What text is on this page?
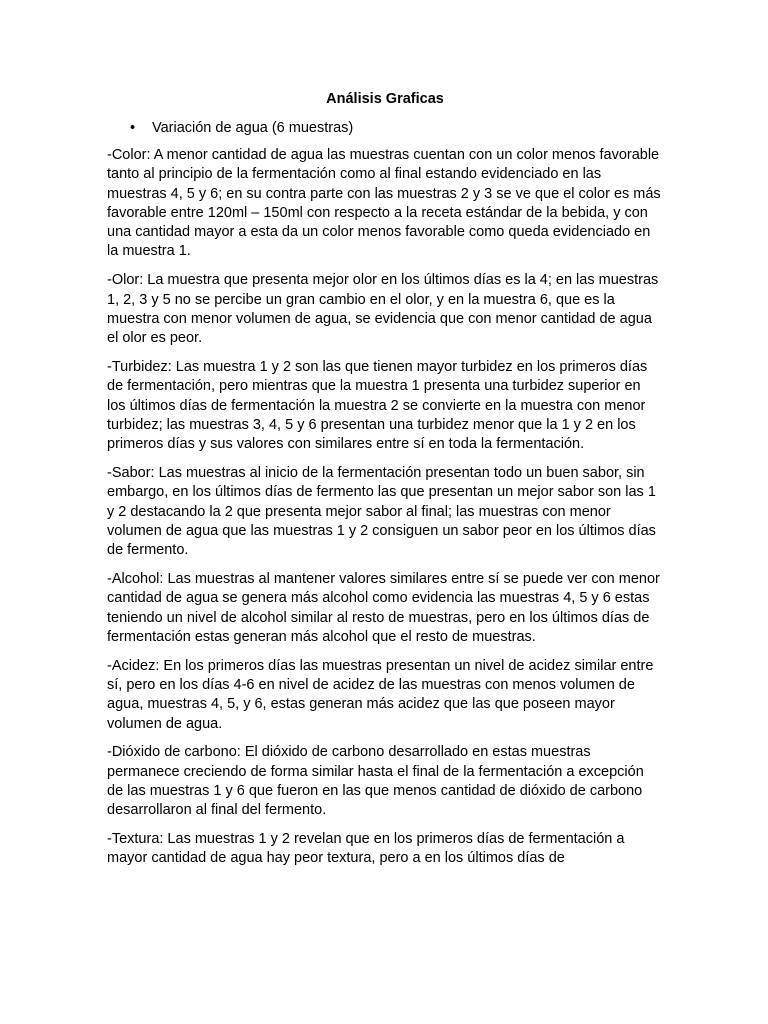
Análisis Graficas
•	Variación de agua (6 muestras)

-Color: A menor cantidad de agua las muestras cuentan con un color menos favorable tanto al principio de la fermentación como al final estando evidenciado en las muestras 4, 5 y 6; en su contra parte con las muestras 2 y 3 se ve que el color es más favorable entre 120ml – 150ml con respecto a la receta estándar de la bebida, y con una cantidad mayor a esta da un color menos favorable como queda evidenciado en la muestra 1.

-Olor: La muestra que presenta mejor olor en los últimos días es la 4; en las muestras 1, 2, 3 y 5 no se percibe un gran cambio en el olor, y en la muestra 6, que es la muestra con menor volumen de agua, se evidencia que con menor cantidad de agua el olor es peor.

-Turbidez: Las muestra 1 y 2 son las que tienen mayor turbidez en los primeros días de fermentación, pero mientras que la muestra 1 presenta una turbidez superior en los últimos días de fermentación la muestra 2 se convierte en la muestra con menor turbidez; las muestras 3, 4, 5 y 6 presentan una turbidez menor que la 1 y 2 en los primeros días y sus valores con similares entre sí en toda la fermentación.

-Sabor: Las muestras al inicio de la fermentación presentan todo un buen sabor, sin embargo, en los últimos días de fermento las que presentan un mejor sabor son las 1 y 2 destacando la 2 que presenta mejor sabor al final; las muestras con menor volumen de agua que las muestras 1 y 2 consiguen un sabor peor en los últimos días de fermento.

-Alcohol: Las muestras al mantener valores similares entre sí se puede ver con menor cantidad de agua se genera más alcohol como evidencia las muestras 4, 5 y 6 estas teniendo un nivel de alcohol similar al resto de muestras, pero en los últimos días de fermentación estas generan más alcohol que el resto de muestras.

-Acidez: En los primeros días las muestras presentan un nivel de acidez similar entre sí, pero en los días 4-6 en nivel de acidez de las muestras con menos volumen de agua, muestras 4, 5, y 6, estas generan más acidez que las que poseen mayor volumen de agua.

-Dióxido de carbono: El dióxido de carbono desarrollado en estas muestras permanece creciendo de forma similar hasta el final de la fermentación a excepción de las muestras 1 y 6 que fueron en las que menos cantidad de dióxido de carbono desarrollaron al final del fermento.

-Textura: Las muestras 1 y 2 revelan que en los primeros días de fermentación a mayor cantidad de agua hay peor textura, pero a en los últimos días de
